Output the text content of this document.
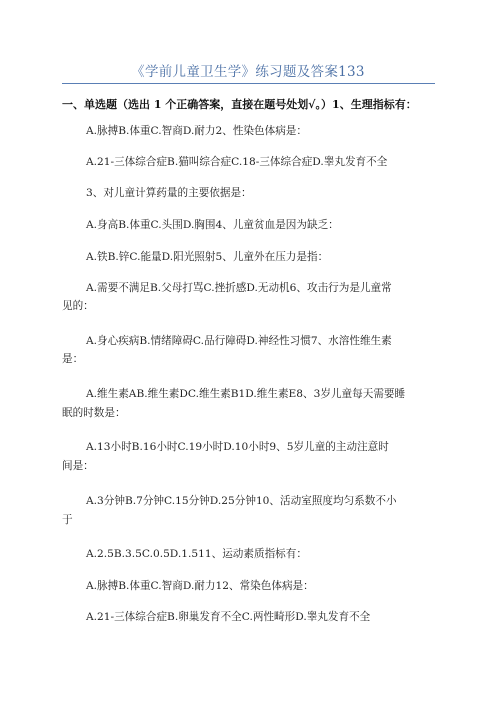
《学前儿童卫生学》练习题及答案133
一、单选题（选出 1 个正确答案，直接在题号处划√。）1、生理指标有：
A.脉搏B.体重C.智商D.耐力2、性染色体病是：
A.21-三体综合症B.猫叫综合症C.18-三体综合症D.睾丸发育不全
3、对儿童计算药量的主要依据是：
A.身高B.体重C.头围D.胸围4、儿童贫血是因为缺乏：
A.铁B.锌C.能量D.阳光照射5、儿童外在压力是指：
A.需要不满足B.父母打骂C.挫折感D.无动机6、攻击行为是儿童常
见的：
A.身心疾病B.情绪障碍C.品行障碍D.神经性习惯7、水溶性维生素
是：
A.维生素AB.维生素DC.维生素B1D.维生素E8、3岁儿童每天需要睡
眠的时数是：
A.13小时B.16小时C.19小时D.10小时9、5岁儿童的主动注意时
间是：
A.3分钟B.7分钟C.15分钟D.25分钟10、活动室照度均匀系数不小
于
A.2.5B.3.5C.0.5D.1.511、运动素质指标有：
A.脉搏B.体重C.智商D.耐力12、常染色体病是：
A.21-三体综合症B.卵巢发育不全C.两性畸形D.睾丸发育不全
